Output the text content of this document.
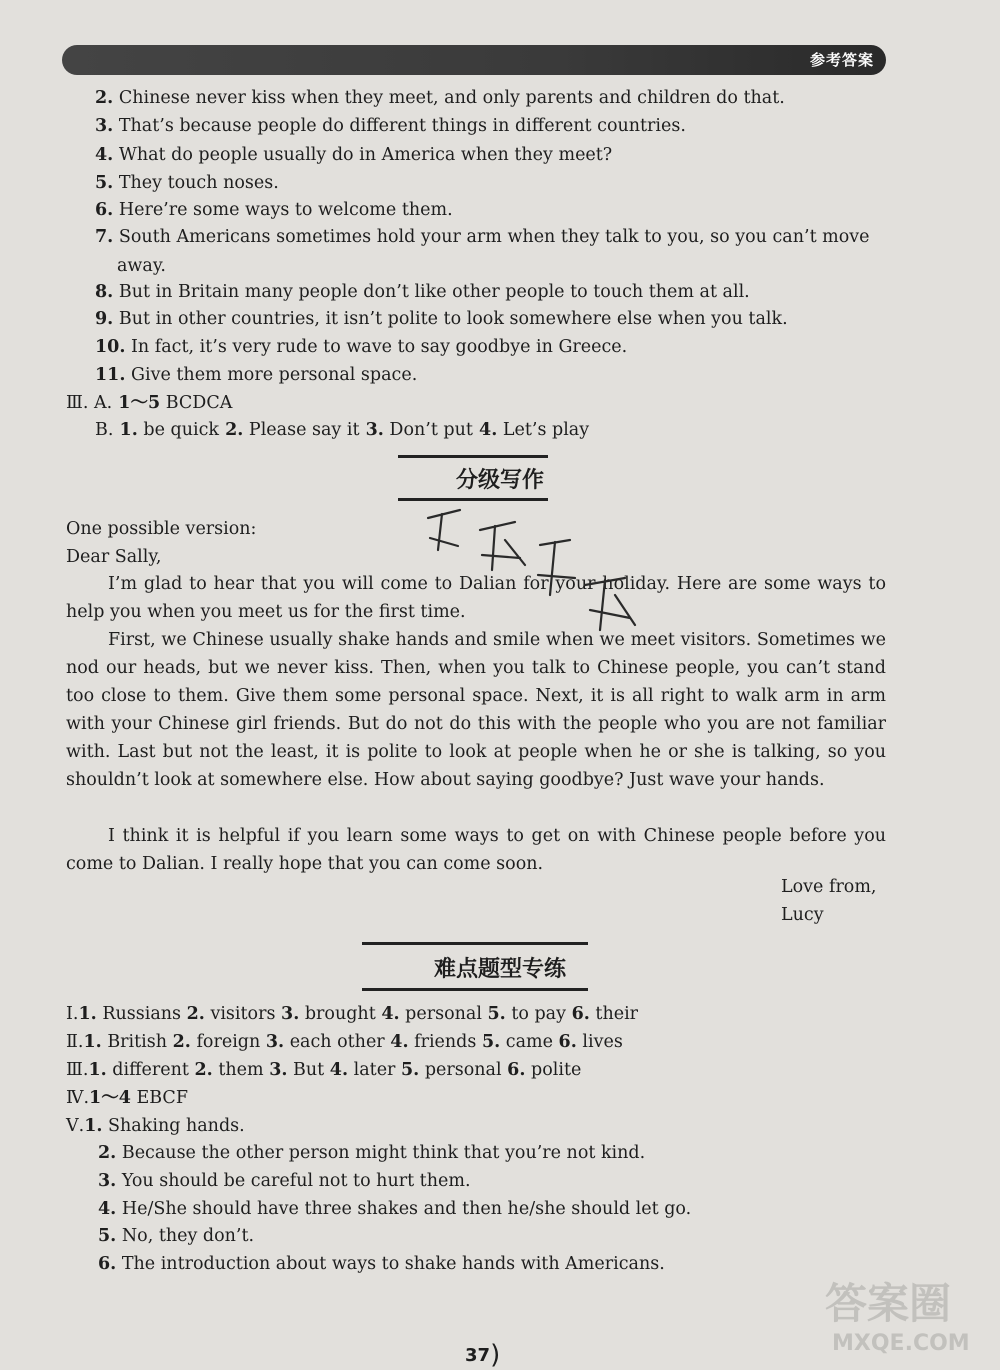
参考答案
2. Chinese never kiss when they meet, and only parents and children do that.
3. That’s because people do different things in different countries.
4. What do people usually do in America when they meet?
5. They touch noses.
6. Here’re some ways to welcome them.
7. South Americans sometimes hold your arm when they talk to you, so you can’t move
away.
8. But in Britain many people don’t like other people to touch them at all.
9. But in other countries, it isn’t polite to look somewhere else when you talk.
10. In fact, it’s very rude to wave to say goodbye in Greece.
11. Give them more personal space.
Ⅲ. A. 1～5 BCDCA
B. 1. be quick 2. Please say it 3. Don’t put 4. Let’s play
分级写作
One possible version:
Dear Sally,
I’m glad to hear that you will come to Dalian for your holiday. Here are some ways to help you when you meet us for the first time.
First, we Chinese usually shake hands and smile when we meet visitors. Sometimes we nod our heads, but we never kiss. Then, when you talk to Chinese people, you can’t stand too close to them. Give them some personal space. Next, it is all right to walk arm in arm with your Chinese girl friends. But do not do this with the people who you are not familiar with. Last but not the least, it is polite to look at people when he or she is talking, so you shouldn’t look at somewhere else. How about saying goodbye? Just wave your hands.
I think it is helpful if you learn some ways to get on with Chinese people before you come to Dalian. I really hope that you can come soon.
Love from,
Lucy
难点题型专练
Ⅰ.1. Russians 2. visitors 3. brought 4. personal 5. to pay 6. their
Ⅱ.1. British 2. foreign 3. each other 4. friends 5. came 6. lives
Ⅲ.1. different 2. them 3. But 4. later 5. personal 6. polite
Ⅳ.1～4 EBCF
Ⅴ.1. Shaking hands.
2. Because the other person might think that you’re not kind.
3. You should be careful not to hurt them.
4. He/She should have three shakes and then he/she should let go.
5. No, they don’t.
6. The introduction about ways to shake hands with Americans.
37)
答案圈
MXQE.COM
